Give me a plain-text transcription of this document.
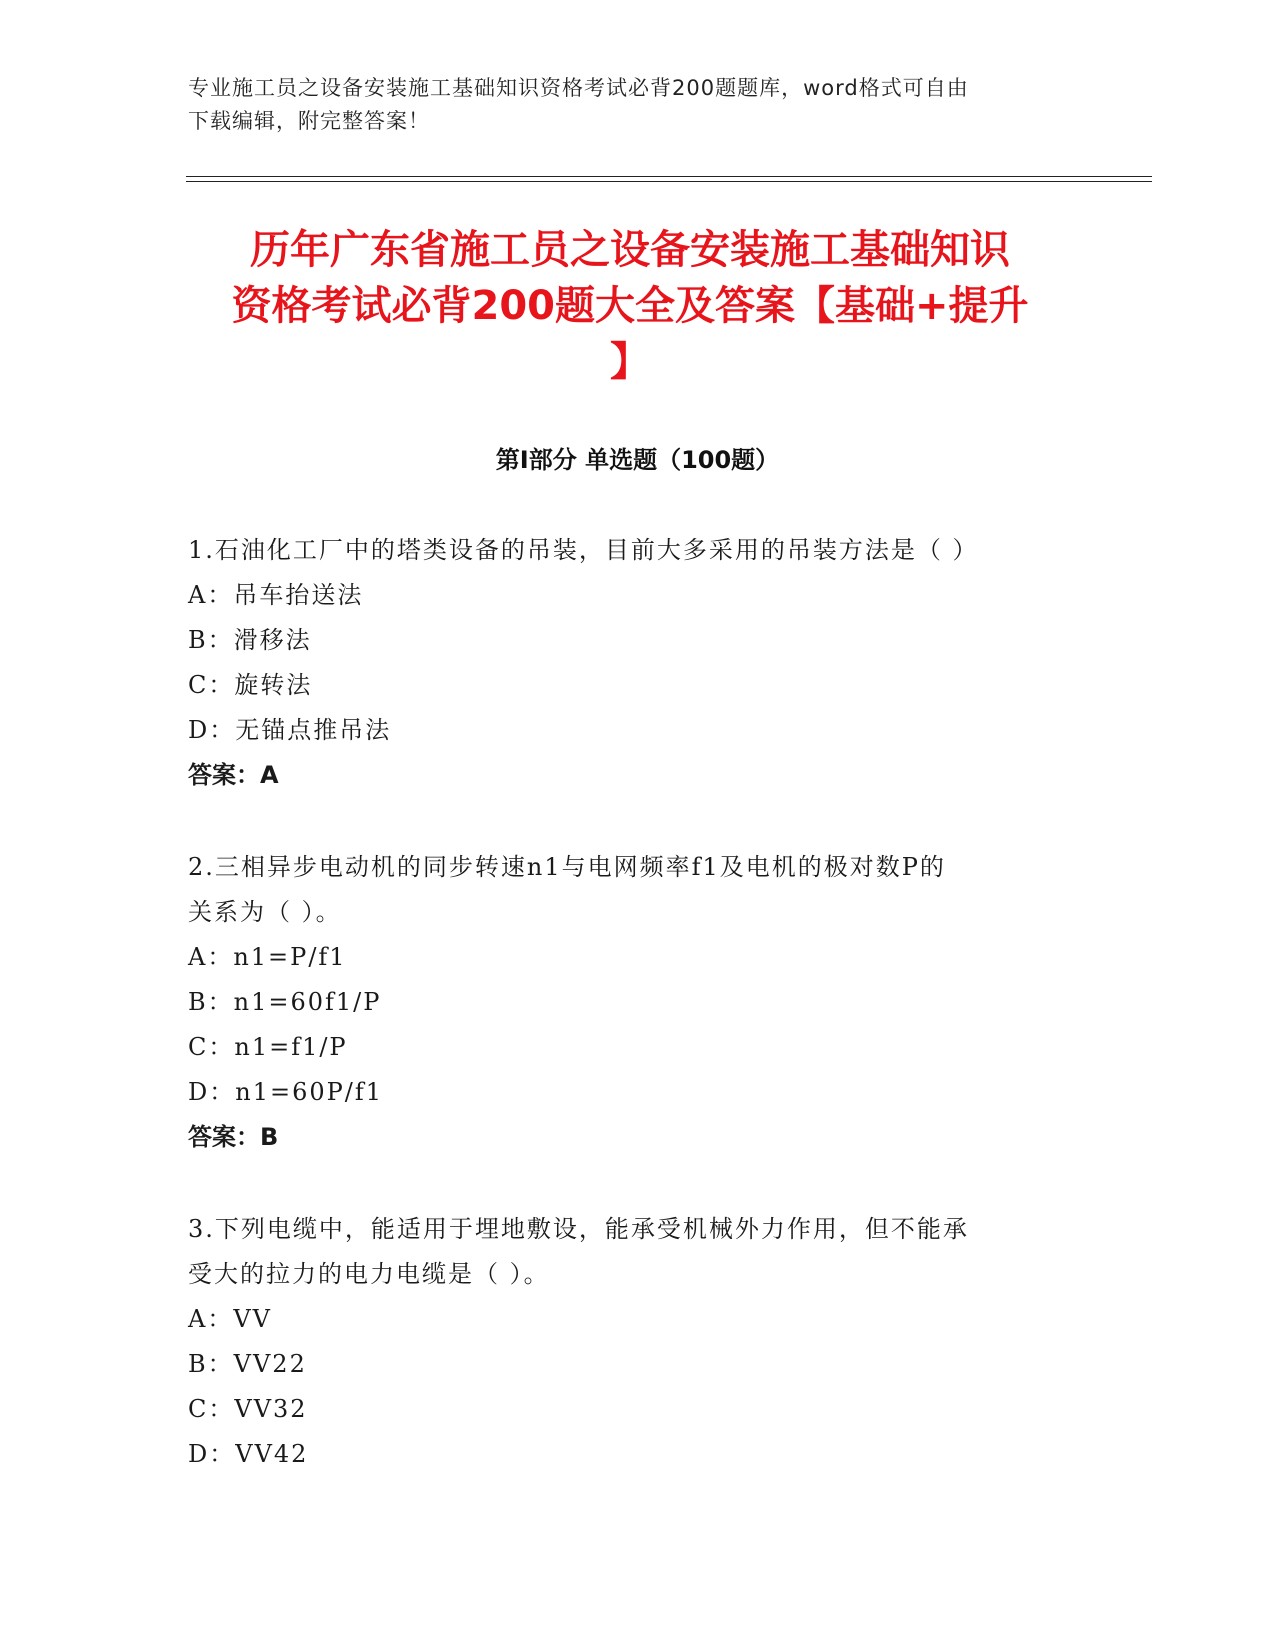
专业施工员之设备安装施工基础知识资格考试必背200题题库，word格式可自由
下载编辑，附完整答案！
历年广东省施工员之设备安装施工基础知识
资格考试必背200题大全及答案【基础+提升
】
第I部分 单选题（100题）

1.石油化工厂中的塔类设备的吊装，目前大多采用的吊装方法是（ ）

A：吊车抬送法

B：滑移法

C：旋转法

D：无锚点推吊法

答案：A

2.三相异步电动机的同步转速n1与电网频率f1及电机的极对数P的

关系为（ ）。

A：n1=P/f1

B：n1=60f1/P

C：n1=f1/P

D：n1=60P/f1

答案：B

3.下列电缆中，能适用于埋地敷设，能承受机械外力作用，但不能承

受大的拉力的电力电缆是（ ）。

A：VV

B：VV22

C：VV32

D：VV42
